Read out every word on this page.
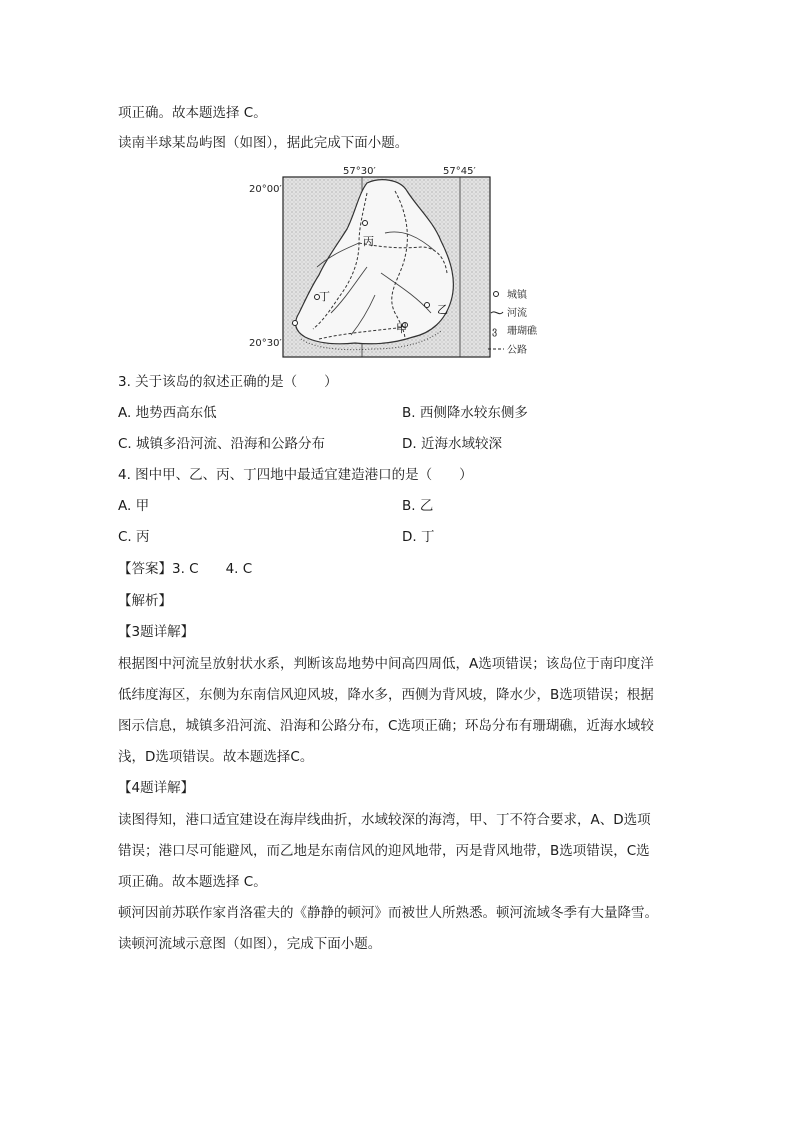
项正确。故本题选择 C。
读南半球某岛屿图（如图），据此完成下面小题。
57°30′	57°45′
20°00′
20°30′
甲
乙
丙
丁	城镇
河流
ვ 珊瑚礁
公路
3. 关于该岛的叙述正确的是（　　）
A. 地势西高东低	B. 西侧降水较东侧多
C. 城镇多沿河流、沿海和公路分布	D. 近海水域较深
4. 图中甲、乙、丙、丁四地中最适宜建造港口的是（　　）
A. 甲	B. 乙
C. 丙	D. 丁
【答案】3. C　　4. C
【解析】
【3题详解】
根据图中河流呈放射状水系，判断该岛地势中间高四周低，A选项错误；该岛位于南印度洋
低纬度海区，东侧为东南信风迎风坡，降水多，西侧为背风坡，降水少，B选项错误；根据
图示信息，城镇多沿河流、沿海和公路分布，C选项正确；环岛分布有珊瑚礁，近海水域较
浅，D选项错误。故本题选择C。
【4题详解】
读图得知，港口适宜建设在海岸线曲折，水域较深的海湾，甲、丁不符合要求，A、D选项
错误；港口尽可能避风，而乙地是东南信风的迎风地带，丙是背风地带，B选项错误，C选
项正确。故本题选择 C。
顿河因前苏联作家肖洛霍夫的《静静的顿河》而被世人所熟悉。顿河流域冬季有大量降雪。
读顿河流域示意图（如图），完成下面小题。
